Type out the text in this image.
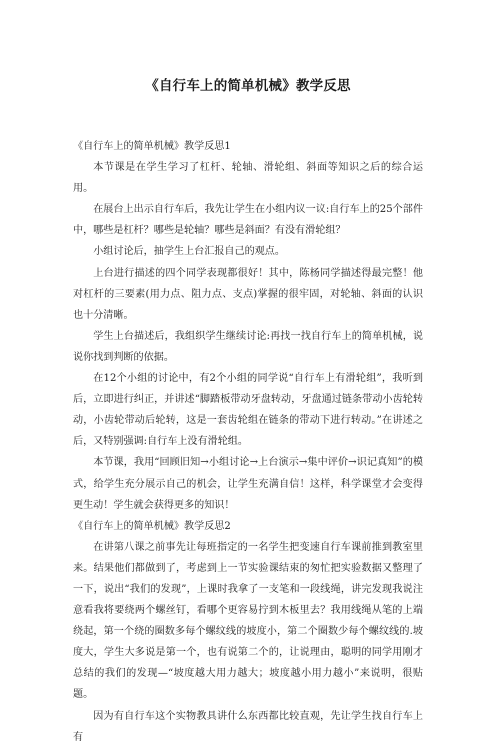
《自行车上的简单机械》教学反思

《自行车上的简单机械》教学反思1

本节课是在学生学习了杠杆、轮轴、滑轮组、斜面等知识之后的综合运用。

在展台上出示自行车后，我先让学生在小组内议一议:自行车上的25个部件中，哪些是杠杆？哪些是轮轴？哪些是斜面？有没有滑轮组？

小组讨论后，抽学生上台汇报自己的观点。

上台进行描述的四个同学表现都很好！其中，陈杨同学描述得最完整！他对杠杆的三要素(用力点、阻力点、支点)掌握的很牢固，对轮轴、斜面的认识也十分清晰。

学生上台描述后，我组织学生继续讨论:再找一找自行车上的简单机械，说说你找到判断的依据。

在12个小组的讨论中，有2个小组的同学说“自行车上有滑轮组”，我听到后，立即进行纠正，并讲述“脚踏板带动牙盘转动，牙盘通过链条带动小齿轮转动，小齿轮带动后轮转，这是一套齿轮组在链条的带动下进行转动。”在讲述之后，又特别强调:自行车上没有滑轮组。

本节课，我用“回顾旧知→小组讨论→上台演示→集中评价→识记真知”的模式，给学生充分展示自己的机会，让学生充满自信！这样，科学课堂才会变得更生动！学生就会获得更多的知识！

《自行车上的简单机械》教学反思2

在讲第八课之前事先让每班指定的一名学生把变速自行车课前推到教室里来。结果他们都做到了，考虑到上一节实验课结束的匆忙把实验数据又整理了一下，说出“我们的发现”，上课时我拿了一支笔和一段线绳，讲完发现我说注意看我将要绕两个螺丝钉，看哪个更容易拧到木板里去？我用线绳从笔的上端绕起，第一个绕的圈数多每个螺纹线的坡度小，第二个圈数少每个螺纹线的.坡度大，学生大多说是第一个，也有说第二个的，让说理由，聪明的同学用刚才总结的我们的发现—“坡度越大用力越大；坡度越小用力越小”来说明，很贴题。

因为有自行车这个实物教具讲什么东西都比较直观，先让学生找自行车上有
